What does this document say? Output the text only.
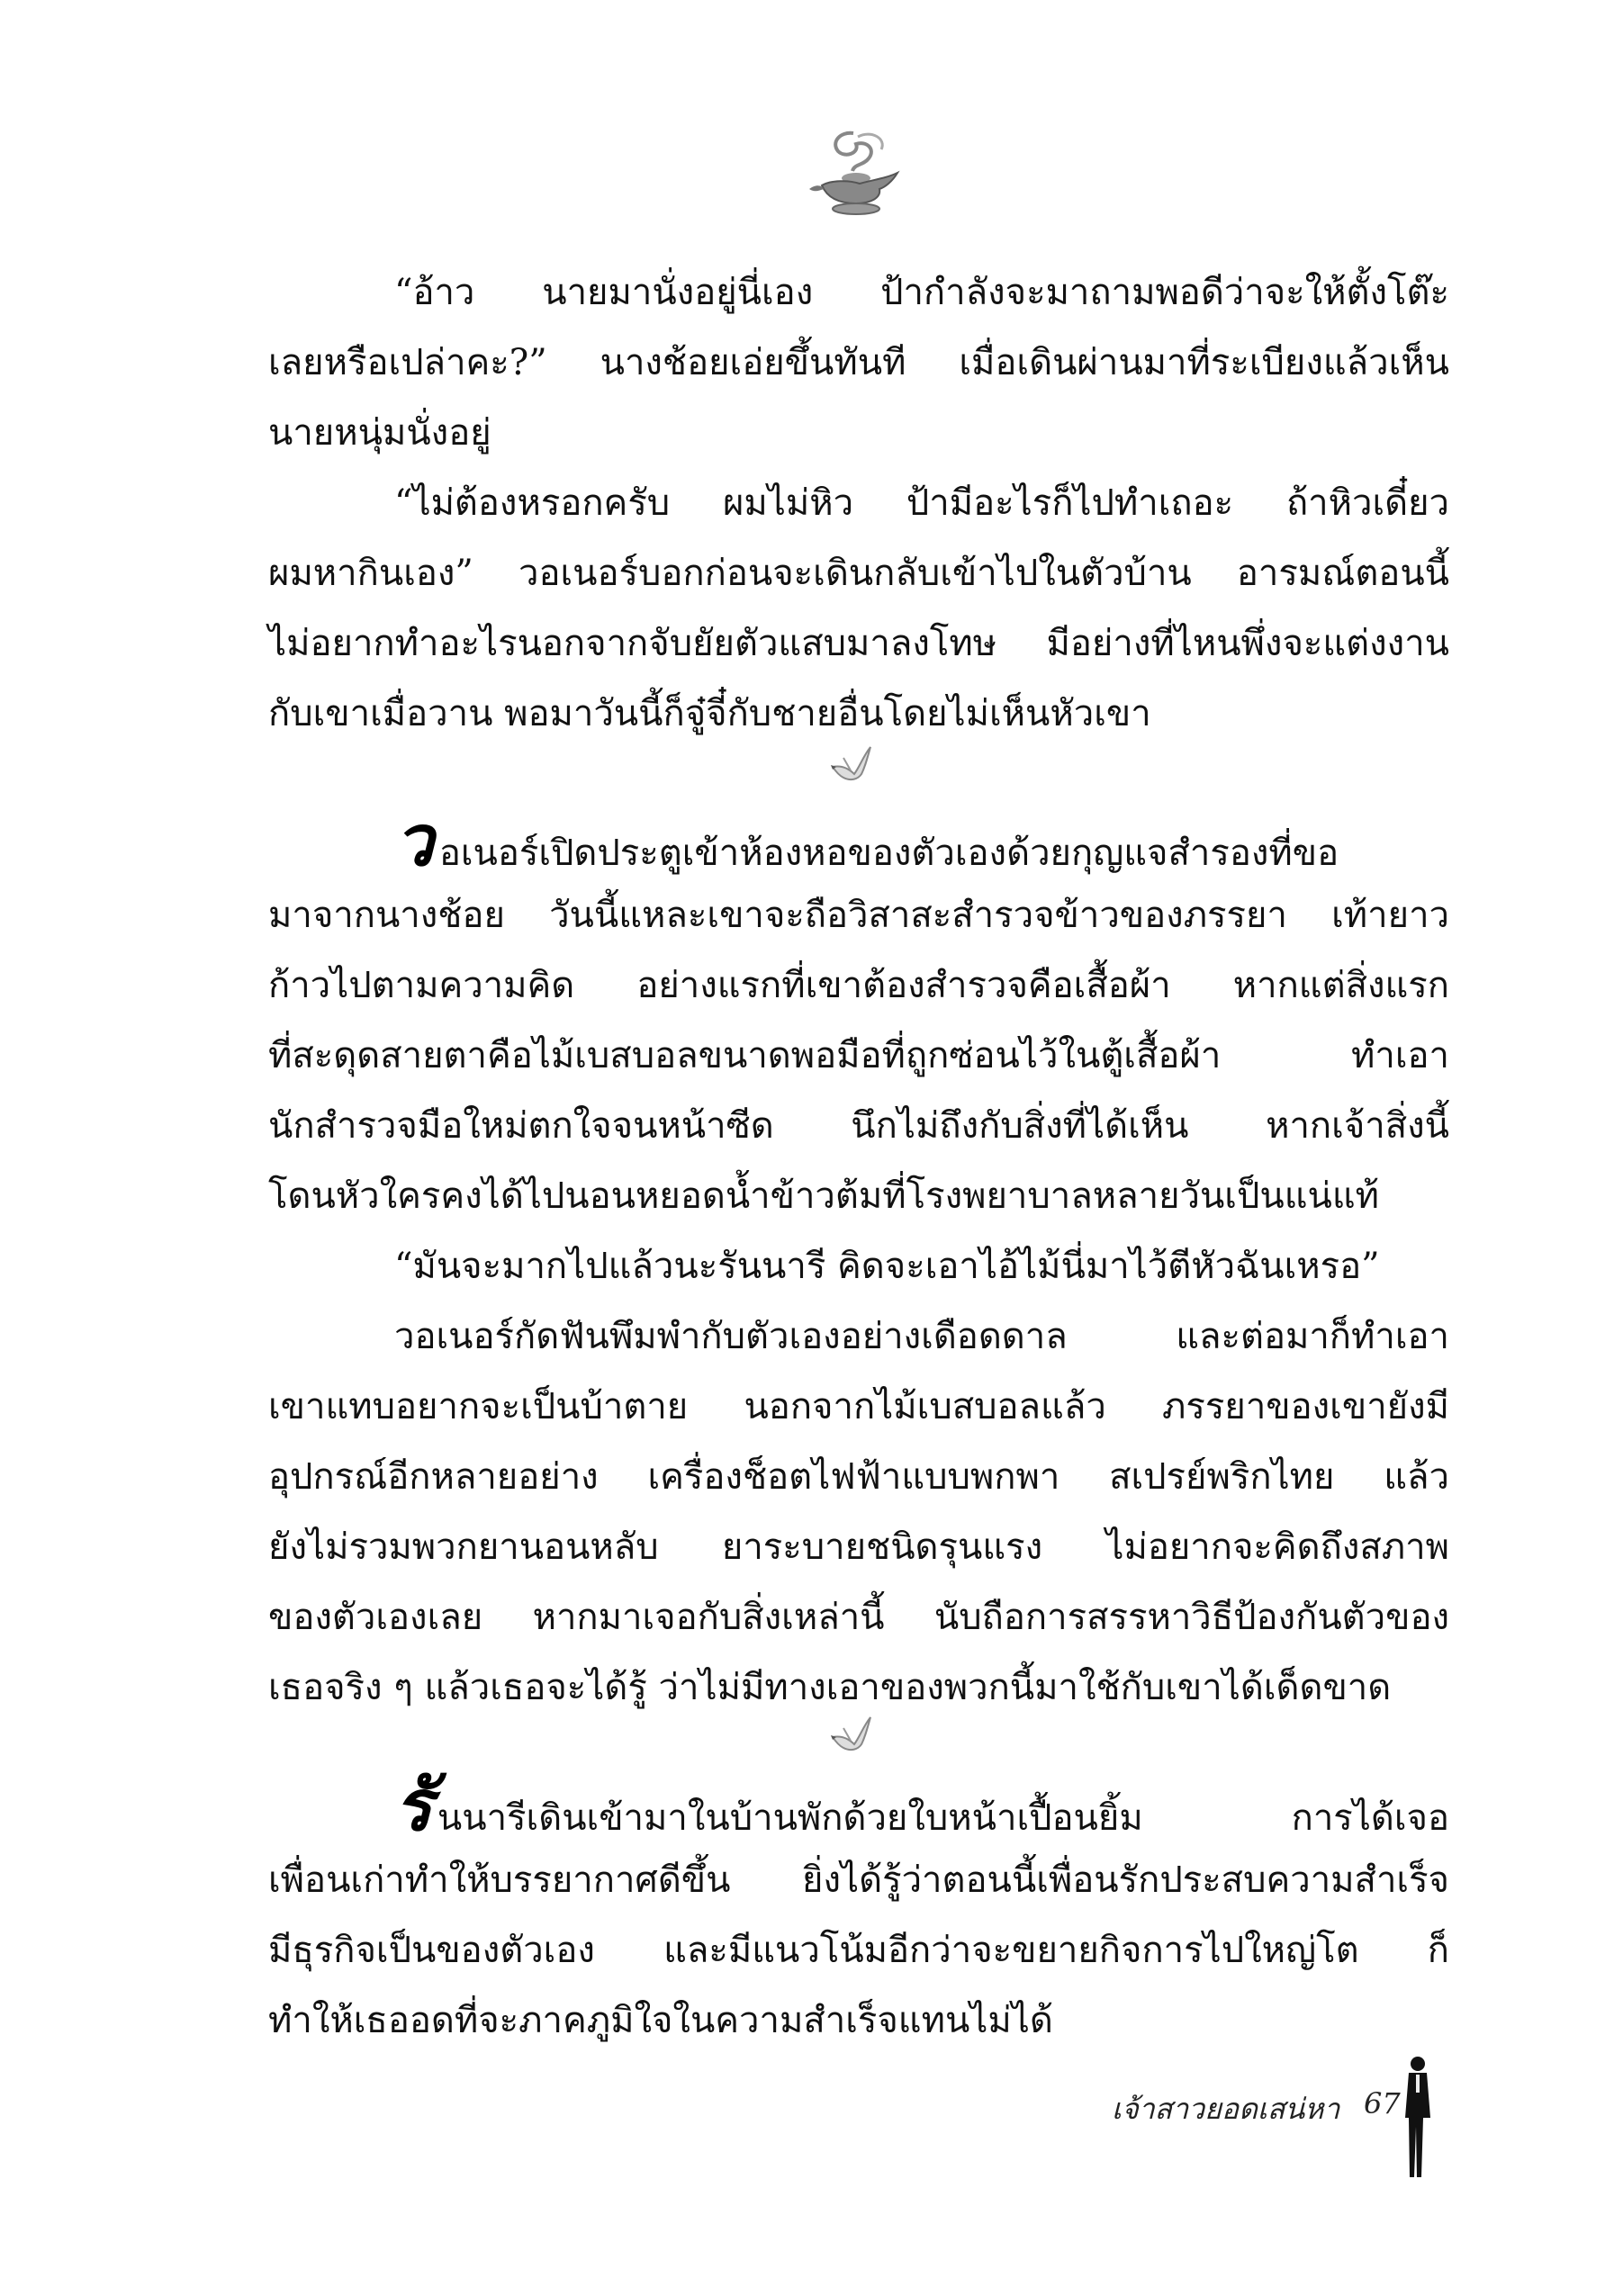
“อ้าว นายมานั่งอยู่นี่เอง ป้ากำลังจะมาถามพอดีว่าจะให้ตั้งโต๊ะ
เลยหรือเปล่าคะ?” นางช้อยเอ่ยขึ้นทันที เมื่อเดินผ่านมาที่ระเบียงแล้วเห็น
นายหนุ่มนั่งอยู่
“ไม่ต้องหรอกครับ ผมไม่หิว ป้ามีอะไรก็ไปทำเถอะ ถ้าหิวเดี๋ยว
ผมหากินเอง” วอเนอร์บอกก่อนจะเดินกลับเข้าไปในตัวบ้าน อารมณ์ตอนนี้
ไม่อยากทำอะไรนอกจากจับยัยตัวแสบมาลงโทษ มีอย่างที่ไหนพึ่งจะแต่งงาน
กับเขาเมื่อวาน พอมาวันนี้ก็จู๋จี๋กับชายอื่นโดยไม่เห็นหัวเขา
วอเนอร์เปิดประตูเข้าห้องหอของตัวเองด้วยกุญแจสำรองที่ขอ
มาจากนางช้อย วันนี้แหละเขาจะถือวิสาสะสำรวจข้าวของภรรยา เท้ายาว
ก้าวไปตามความคิด อย่างแรกที่เขาต้องสำรวจคือเสื้อผ้า หากแต่สิ่งแรก
ที่สะดุดสายตาคือไม้เบสบอลขนาดพอมือที่ถูกซ่อนไว้ในตู้เสื้อผ้า ทำเอา
นักสำรวจมือใหม่ตกใจจนหน้าซีด นึกไม่ถึงกับสิ่งที่ได้เห็น หากเจ้าสิ่งนี้
โดนหัวใครคงได้ไปนอนหยอดน้ำข้าวต้มที่โรงพยาบาลหลายวันเป็นแน่แท้
“มันจะมากไปแล้วนะรันนารี คิดจะเอาไอ้ไม้นี่มาไว้ตีหัวฉันเหรอ”
วอเนอร์กัดฟันพึมพำกับตัวเองอย่างเดือดดาล และต่อมาก็ทำเอา
เขาแทบอยากจะเป็นบ้าตาย นอกจากไม้เบสบอลแล้ว ภรรยาของเขายังมี
อุปกรณ์อีกหลายอย่าง เครื่องช็อตไฟฟ้าแบบพกพา สเปรย์พริกไทย แล้ว
ยังไม่รวมพวกยานอนหลับ ยาระบายชนิดรุนแรง ไม่อยากจะคิดถึงสภาพ
ของตัวเองเลย หากมาเจอกับสิ่งเหล่านี้ นับถือการสรรหาวิธีป้องกันตัวของ
เธอจริง ๆ แล้วเธอจะได้รู้ ว่าไม่มีทางเอาของพวกนี้มาใช้กับเขาได้เด็ดขาด
รันนารีเดินเข้ามาในบ้านพักด้วยใบหน้าเปื้อนยิ้ม การได้เจอ
เพื่อนเก่าทำให้บรรยากาศดีขึ้น ยิ่งได้รู้ว่าตอนนี้เพื่อนรักประสบความสำเร็จ
มีธุรกิจเป็นของตัวเอง และมีแนวโน้มอีกว่าจะขยายกิจการไปใหญ่โต ก็
ทำให้เธออดที่จะภาคภูมิใจในความสำเร็จแทนไม่ได้
เจ้าสาวยอดเสน่หา 67
